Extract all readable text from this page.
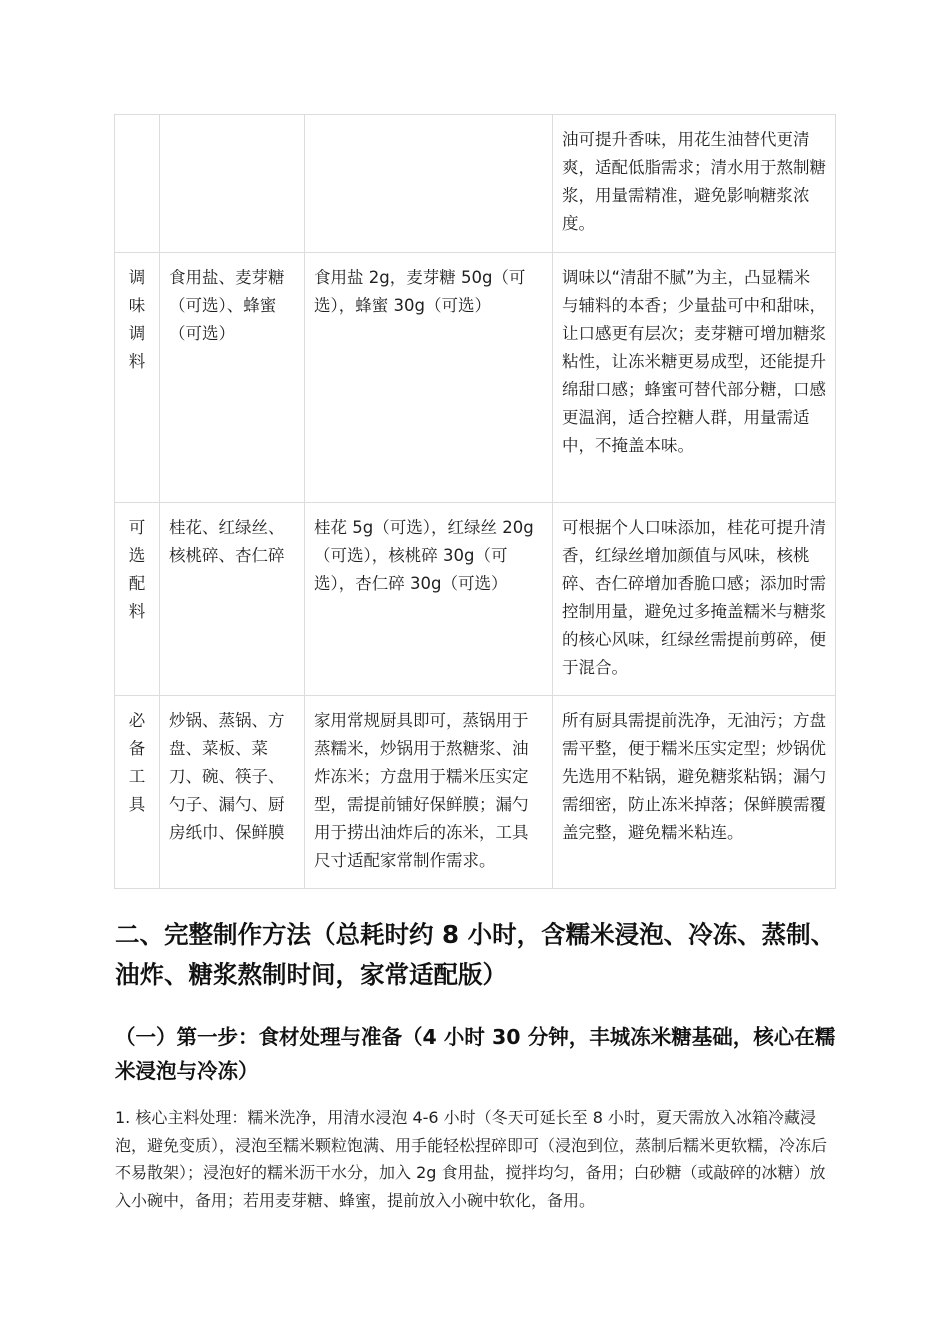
			油可提升香味，用花生油替代更清爽，适配低脂需求；清水用于熬制糖浆，用量需精准，避免影响糖浆浓度。

调
味
调
料	食用盐、麦芽糖（可选）、蜂蜜（可选）	食用盐 2g，麦芽糖 50g（可选），蜂蜜 30g（可选）	调味以“清甜不腻”为主，凸显糯米与辅料的本香；少量盐可中和甜味，让口感更有层次；麦芽糖可增加糖浆粘性，让冻米糖更易成型，还能提升绵甜口感；蜂蜜可替代部分糖，口感更温润，适合控糖人群，用量需适中，不掩盖本味。

可
选
配
料	桂花、红绿丝、核桃碎、杏仁碎	桂花 5g（可选），红绿丝 20g（可选），核桃碎 30g（可选），杏仁碎 30g（可选）	可根据个人口味添加，桂花可提升清香，红绿丝增加颜值与风味，核桃碎、杏仁碎增加香脆口感；添加时需控制用量，避免过多掩盖糯米与糖浆的核心风味，红绿丝需提前剪碎，便于混合。

必
备
工
具	炒锅、蒸锅、方盘、菜板、菜刀、碗、筷子、勺子、漏勺、厨房纸巾、保鲜膜	家用常规厨具即可，蒸锅用于蒸糯米，炒锅用于熬糖浆、油炸冻米；方盘用于糯米压实定型，需提前铺好保鲜膜；漏勺用于捞出油炸后的冻米，工具尺寸适配家常制作需求。	所有厨具需提前洗净，无油污；方盘需平整，便于糯米压实定型；炒锅优先选用不粘锅，避免糖浆粘锅；漏勺需细密，防止冻米掉落；保鲜膜需覆盖完整，避免糯米粘连。
二、完整制作方法（总耗时约 8 小时，含糯米浸泡、冷冻、蒸制、油炸、糖浆熬制时间，家常适配版）
（一）第一步：食材处理与准备（4 小时 30 分钟，丰城冻米糖基础，核心在糯米浸泡与冷冻）

1. 核心主料处理：糯米洗净，用清水浸泡 4-6 小时（冬天可延长至 8 小时，夏天需放入冰箱冷藏浸泡，避免变质），浸泡至糯米颗粒饱满、用手能轻松捏碎即可（浸泡到位，蒸制后糯米更软糯，冷冻后不易散架）；浸泡好的糯米沥干水分，加入 2g 食用盐，搅拌均匀，备用；白砂糖（或敲碎的冰糖）放入小碗中，备用；若用麦芽糖、蜂蜜，提前放入小碗中软化，备用。
